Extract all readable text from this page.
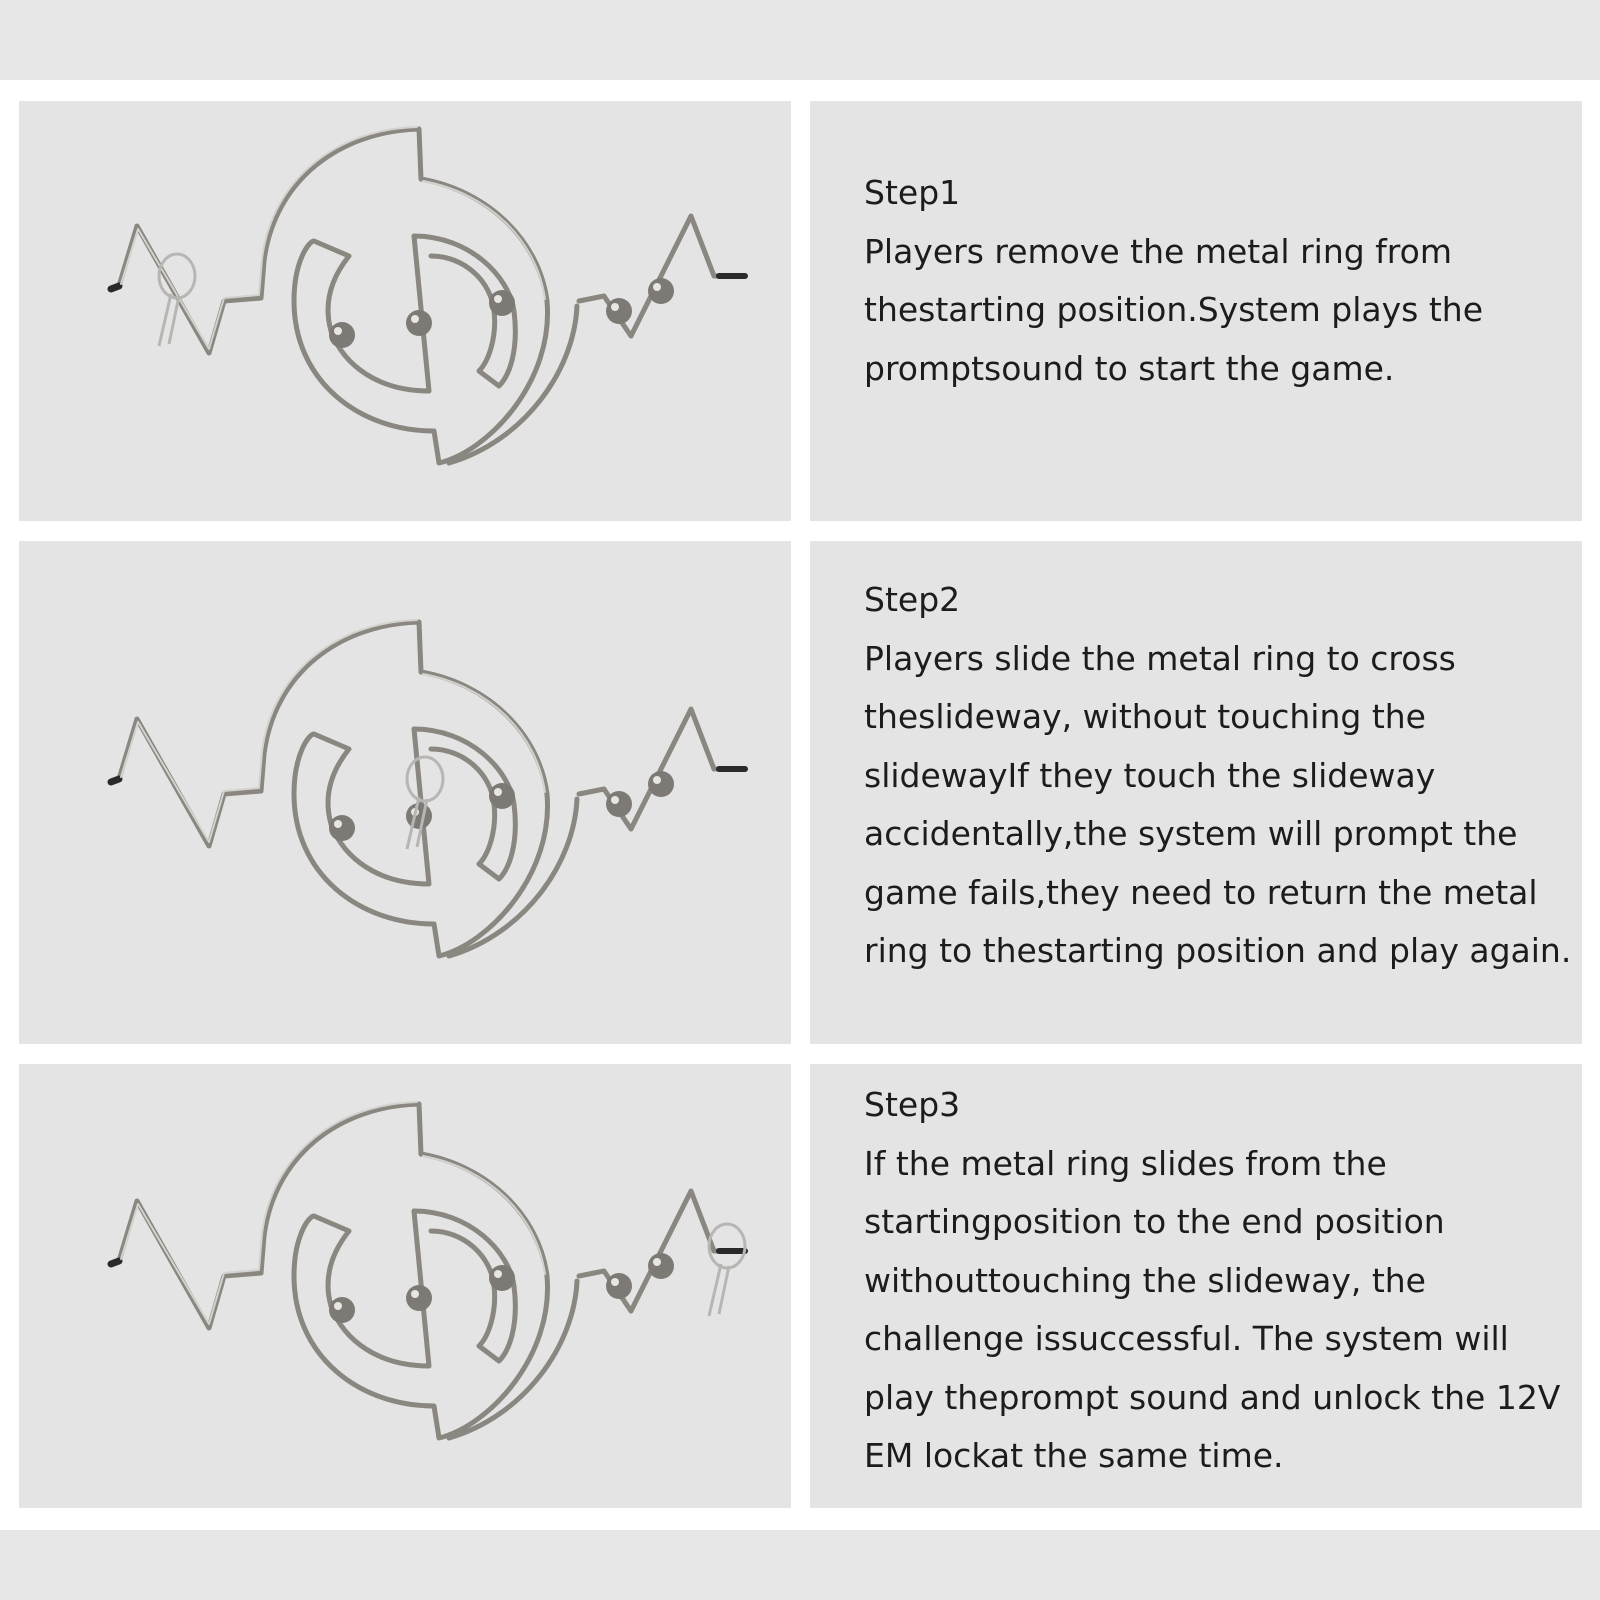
Step1
Players remove the metal ring from
thestarting position.System plays the
promptsound to start the game.
Step2
Players slide the metal ring to cross
theslideway, without touching the
slidewayIf they touch the slideway
accidentally,the system will prompt the
game fails,they need to return the metal
ring to thestarting position and play again.
Step3
If the metal ring slides from the
startingposition to the end position
withouttouching the slideway, the
challenge issuccessful. The system will
play theprompt sound and unlock the 12V
EM lockat the same time.
